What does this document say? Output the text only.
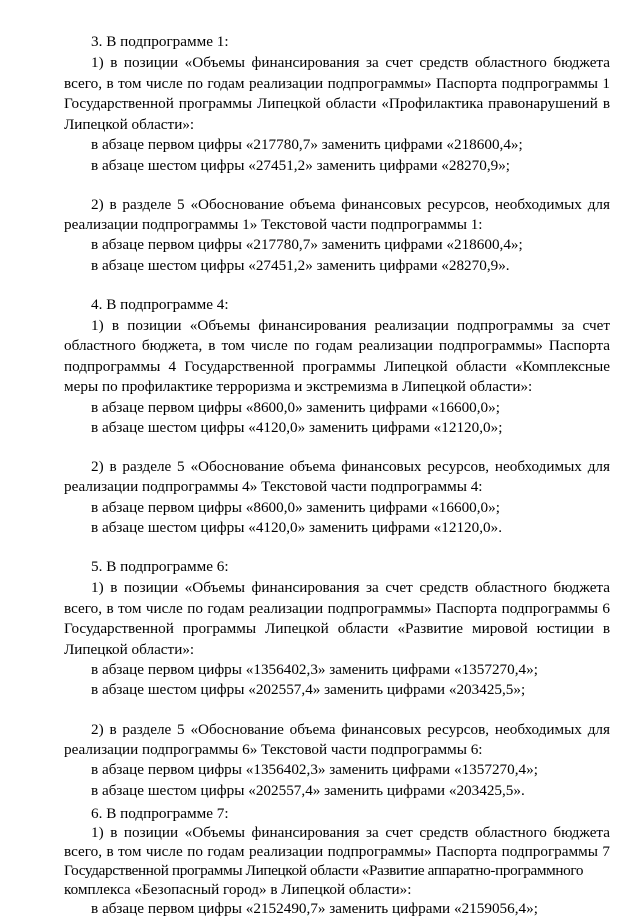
3. В подпрограмме 1:
1) в позиции «Объемы финансирования за счет средств областного бюджета
всего, в том числе по годам реализации подпрограммы» Паспорта подпрограммы 1
Государственной программы Липецкой области «Профилактика правонарушений в
Липецкой области»:
в абзаце первом цифры «217780,7» заменить цифрами «218600,4»;
в абзаце шестом цифры «27451,2» заменить цифрами «28270,9»;
2) в разделе 5 «Обоснование объема финансовых ресурсов, необходимых для
реализации подпрограммы 1» Текстовой части подпрограммы 1:
в абзаце первом цифры «217780,7» заменить цифрами «218600,4»;
в абзаце шестом цифры «27451,2» заменить цифрами «28270,9».
4. В подпрограмме 4:
1) в позиции «Объемы финансирования реализации подпрограммы за счет
областного бюджета, в том числе по годам реализации подпрограммы» Паспорта
подпрограммы 4 Государственной программы Липецкой области «Комплексные
меры по профилактике терроризма и экстремизма в Липецкой области»:
в абзаце первом цифры «8600,0» заменить цифрами «16600,0»;
в абзаце шестом цифры «4120,0» заменить цифрами «12120,0»;
2) в разделе 5 «Обоснование объема финансовых ресурсов, необходимых для
реализации подпрограммы 4» Текстовой части подпрограммы 4:
в абзаце первом цифры «8600,0» заменить цифрами «16600,0»;
в абзаце шестом цифры «4120,0» заменить цифрами «12120,0».
5. В подпрограмме 6:
1) в позиции «Объемы финансирования за счет средств областного бюджета
всего, в том числе по годам реализации подпрограммы» Паспорта подпрограммы 6
Государственной программы Липецкой области «Развитие мировой юстиции в
Липецкой области»:
в абзаце первом цифры «1356402,3» заменить цифрами «1357270,4»;
в абзаце шестом цифры «202557,4» заменить цифрами «203425,5»;
2) в разделе 5 «Обоснование объема финансовых ресурсов, необходимых для
реализации подпрограммы 6» Текстовой части подпрограммы 6:
в абзаце первом цифры «1356402,3» заменить цифрами «1357270,4»;
в абзаце шестом цифры «202557,4» заменить цифрами «203425,5».
6. В подпрограмме 7:
1) в позиции «Объемы финансирования за счет средств областного бюджета
всего, в том числе по годам реализации подпрограммы» Паспорта подпрограммы 7
Государственной программы Липецкой области «Развитие аппаратно-программного
комплекса «Безопасный город» в Липецкой области»:
в абзаце первом цифры «2152490,7» заменить цифрами «2159056,4»;
